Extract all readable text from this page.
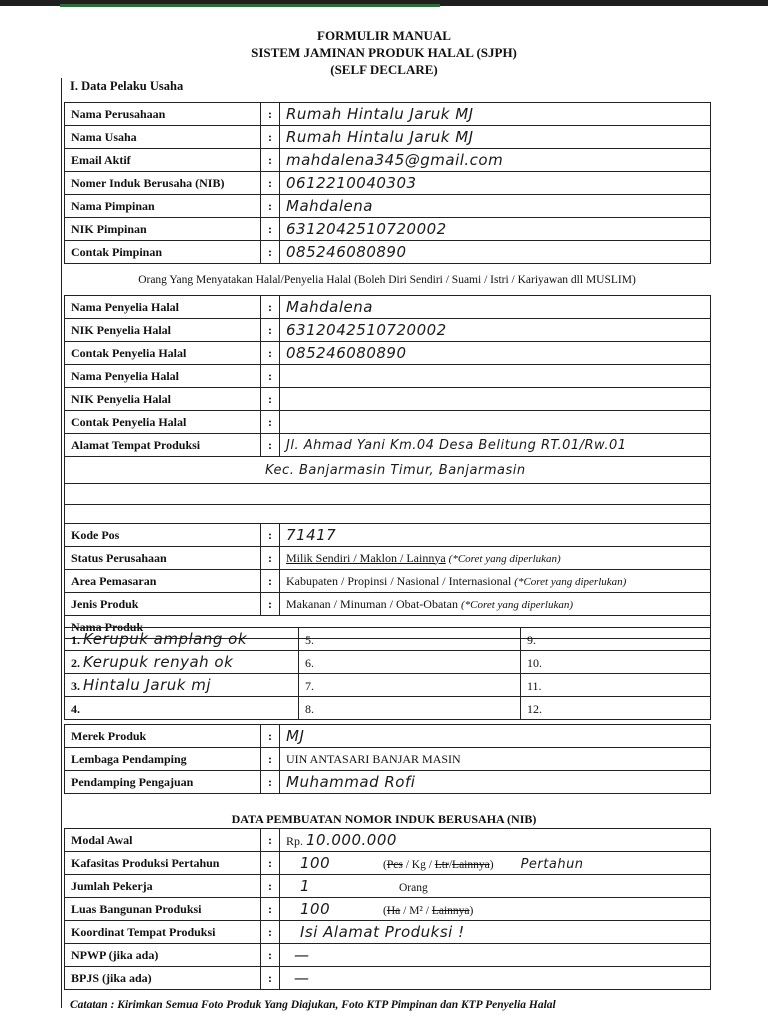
FORMULIR MANUAL
SISTEM JAMINAN PRODUK HALAL (SJPH)
(SELF DECLARE)
I. Data Pelaku Usaha
Nama Perusahaan	:	Rumah Hintalu Jaruk MJ
Nama Usaha	:	Rumah Hintalu Jaruk MJ
Email Aktif	:	mahdalena345@gmail.com
Nomer Induk Berusaha (NIB)	:	0612210040303
Nama Pimpinan	:	Mahdalena
NIK Pimpinan	:	6312042510720002
Contak Pimpinan	:	085246080890
Orang Yang Menyatakan Halal/Penyelia Halal (Boleh Diri Sendiri / Suami / Istri / Kariyawan dll MUSLIM)
Nama Penyelia Halal	:	Mahdalena
NIK Penyelia Halal	:	6312042510720002
Contak Penyelia Halal	:	085246080890
Nama Penyelia Halal	:	
NIK Penyelia Halal	:	
Contak Penyelia Halal	:	
Alamat Tempat Produksi	:	Jl. Ahmad Yani Km.04 Desa Belitung RT.01/Rw.01
Kec. Banjarmasin Timur, Banjarmasin		

Kode Pos	:	71417
Status Perusahaan	:	Milik Sendiri / Maklon / Lainnya (*Coret yang diperlukan)
Area Pemasaran	:	Kabupaten / Propinsi / Nasional / Internasional (*Coret yang diperlukan)
Jenis Produk	:	Makanan / Minuman / Obat-Obatan (*Coret yang diperlukan)
Nama Produk		
1. Kerupuk amplang ok	5.	9.
2. Kerupuk renyah ok	6.	10.
3. Hintalu Jaruk mj	7.	11.
4.	8.	12.
Merek Produk	:	MJ
Lembaga Pendamping	:	UIN ANTASARI BANJAR MASIN
Pendamping Pengajuan	:	Muhammad Rofi
DATA PEMBUATAN NOMOR INDUK BERUSAHA (NIB)
Modal Awal	:	Rp. 10.000.000
Kafasitas Produksi Pertahun	:	100 (Pcs / Kg / Ltr/Lainnya) Pertahun
Jumlah Pekerja	:	1 Orang
Luas Bangunan Produksi	:	100 (Ha / M² / Lainnya)
Koordinat Tempat Produksi	:	Isi Alamat Produksi !
NPWP (jika ada)	:	—
BPJS (jika ada)	:	—
Catatan : Kirimkan Semua Foto Produk Yang Diajukan, Foto KTP Pimpinan dan KTP Penyelia Halal
